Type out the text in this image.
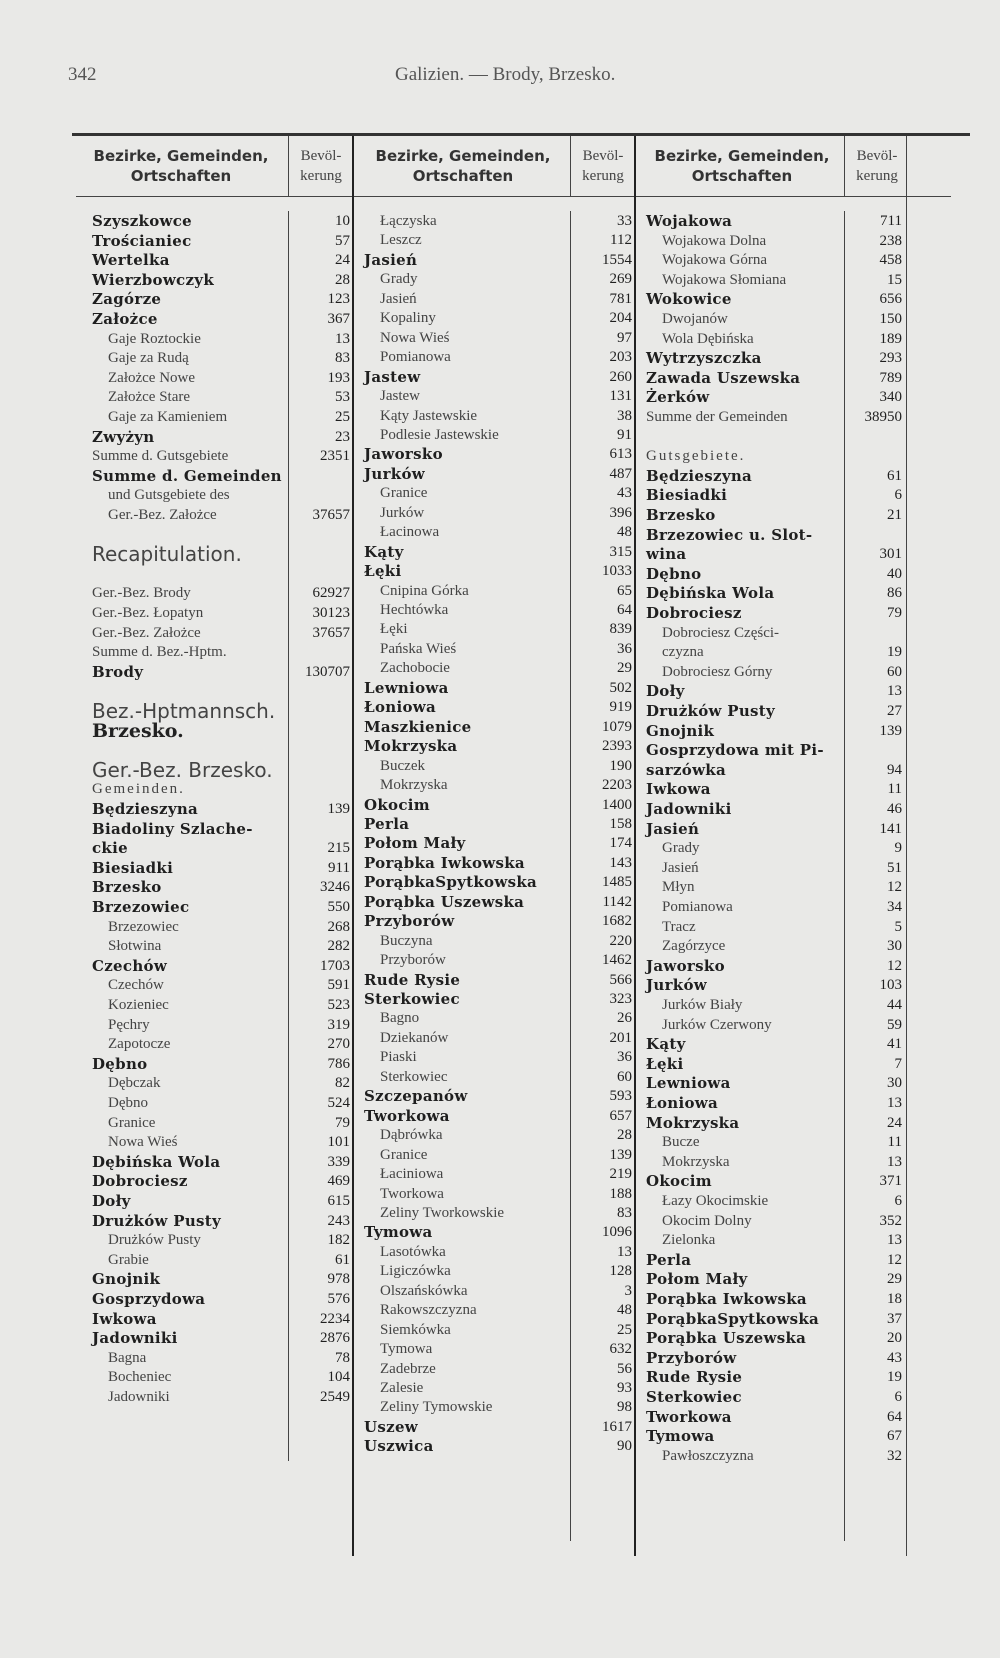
342	Galizien. — Brody, Brzesko.
Bezirke, Gemeinden, Ortschaften
Bevöl-kerung
Bezirke, Gemeinden, Ortschaften
Bevöl-kerung
Bezirke, Gemeinden, Ortschaften
Bevöl-kerung
Szyszkowce	10
Trościaniec	57
Wertelka	24
Wierzbowczyk	28
Zagórze	123
Założce	367
Gaje Roztockie	13
Gaje za Rudą	83
Założce Nowe	193
Założce Stare	53
Gaje za Kamieniem	25
Zwyżyn	23
Summe d. Gutsgebiete	2351
Summe d. Gemeinden
und Gutsgebiete des
Ger.-Bez. Założce	37657
Recapitulation.
Ger.-Bez. Brody	62927
Ger.-Bez. Łopatyn	30123
Ger.-Bez. Założce	37657
Summe d. Bez.-Hptm.
Brody	130707
Bez.-Hptmannsch.
Brzesko.
Ger.-Bez. Brzesko.
Gemeinden.
Będzieszyna	139
Biadoliny Szlache-
ckie	215
Biesiadki	911
Brzesko	3246
Brzezowiec	550
Brzezowiec	268
Słotwina	282
Czechów	1703
Czechów	591
Kozieniec	523
Pęchry	319
Zapotocze	270
Dębno	786
Dębczak	82
Dębno	524
Granice	79
Nowa Wieś	101
Dębińska Wola	339
Dobrociesz	469
Doły	615
Drużków Pusty	243
Drużków Pusty	182
Grabie	61
Gnojnik	978
Gosprzydowa	576
Iwkowa	2234
Jadowniki	2876
Bagna	78
Bocheniec	104
Jadowniki	2549
Łączyska	33
Leszcz	112
Jasień	1554
Grady	269
Jasień	781
Kopaliny	204
Nowa Wieś	97
Pomianowa	203
Jastew	260
Jastew	131
Kąty Jastewskie	38
Podlesie Jastewskie	91
Jaworsko	613
Jurków	487
Granice	43
Jurków	396
Łacinowa	48
Kąty	315
Łęki	1033
Cnipina Górka	65
Hechtówka	64
Łęki	839
Pańska Wieś	36
Zachobocie	29
Lewniowa	502
Łoniowa	919
Maszkienice	1079
Mokrzyska	2393
Buczek	190
Mokrzyska	2203
Okocim	1400
Perla	158
Połom Mały	174
Porąbka Iwkowska	143
PorąbkaSpytkowska	1485
Porąbka Uszewska	1142
Przyborów	1682
Buczyna	220
Przyborów	1462
Rude Rysie	566
Sterkowiec	323
Bagno	26
Dziekanów	201
Piaski	36
Sterkowiec	60
Szczepanów	593
Tworkowa	657
Dąbrówka	28
Granice	139
Łaciniowa	219
Tworkowa	188
Zeliny Tworkowskie	83
Tymowa	1096
Lasotówka	13
Ligiczówka	128
Olszańskówka	3
Rakowszczyzna	48
Siemkówka	25
Tymowa	632
Zadebrze	56
Zalesie	93
Zeliny Tymowskie	98
Uszew	1617
Uszwica	90
Wojakowa	711
Wojakowa Dolna	238
Wojakowa Górna	458
Wojakowa Słomiana	15
Wokowice	656
Dwojanów	150
Wola Dębińska	189
Wytrzyszczka	293
Zawada Uszewska	789
Żerków	340
Summe der Gemeinden	38950
Gutsgebiete.
Będzieszyna	61
Biesiadki	6
Brzesko	21
Brzezowiec u. Slot-
wina	301
Dębno	40
Dębińska Wola	86
Dobrociesz	79
Dobrociesz Części-
czyzna	19
Dobrociesz Górny	60
Doły	13
Drużków Pusty	27
Gnojnik	139
Gosprzydowa mit Pi-
sarzówka	94
Iwkowa	11
Jadowniki	46
Jasień	141
Grady	9
Jasień	51
Młyn	12
Pomianowa	34
Tracz	5
Zagórzyce	30
Jaworsko	12
Jurków	103
Jurków Biały	44
Jurków Czerwony	59
Kąty	41
Łęki	7
Lewniowa	30
Łoniowa	13
Mokrzyska	24
Bucze	11
Mokrzyska	13
Okocim	371
Łazy Okocimskie	6
Okocim Dolny	352
Zielonka	13
Perla	12
Połom Mały	29
Porąbka Iwkowska	18
PorąbkaSpytkowska	37
Porąbka Uszewska	20
Przyborów	43
Rude Rysie	19
Sterkowiec	6
Tworkowa	64
Tymowa	67
Pawłoszczyzna	32
